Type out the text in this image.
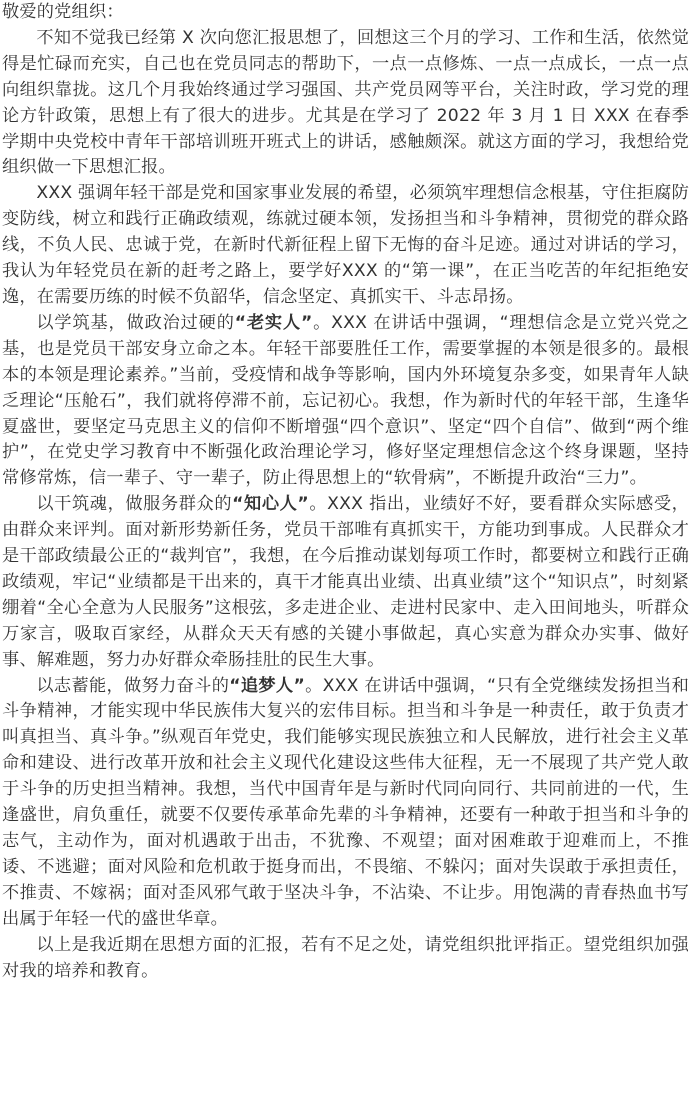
敬爱的党组织：

不知不觉我已经第 X 次向您汇报思想了，回想这三个月的学习、工作和生活，依然觉得是忙碌而充实，自己也在党员同志的帮助下，一点一点修炼、一点一点成长，一点一点向组织靠拢。这几个月我始终通过学习强国、共产党员网等平台，关注时政，学习党的理论方针政策，思想上有了很大的进步。尤其是在学习了 2022 年 3 月 1 日 XXX 在春季学期中央党校中青年干部培训班开班式上的讲话，感触颇深。就这方面的学习，我想给党组织做一下思想汇报。

XXX 强调年轻干部是党和国家事业发展的希望，必须筑牢理想信念根基，守住拒腐防变防线，树立和践行正确政绩观，练就过硬本领，发扬担当和斗争精神，贯彻党的群众路线，不负人民、忠诚于党，在新时代新征程上留下无悔的奋斗足迹。通过对讲话的学习，我认为年轻党员在新的赶考之路上，要学好XXX 的“第一课”，在正当吃苦的年纪拒绝安逸，在需要历练的时候不负韶华，信念坚定、真抓实干、斗志昂扬。

以学筑基，做政治过硬的“老实人”。XXX 在讲话中强调，“理想信念是立党兴党之基，也是党员干部安身立命之本。年轻干部要胜任工作，需要掌握的本领是很多的。最根本的本领是理论素养。”当前，受疫情和战争等影响，国内外环境复杂多变，如果青年人缺乏理论“压舱石”，我们就将停滞不前，忘记初心。我想，作为新时代的年轻干部，生逢华夏盛世，要坚定马克思主义的信仰不断增强“四个意识”、坚定“四个自信”、做到“两个维护”，在党史学习教育中不断强化政治理论学习，修好坚定理想信念这个终身课题，坚持常修常炼，信一辈子、守一辈子，防止得思想上的“软骨病”，不断提升政治“三力”。

以干筑魂，做服务群众的“知心人”。XXX 指出，业绩好不好，要看群众实际感受，由群众来评判。面对新形势新任务，党员干部唯有真抓实干，方能功到事成。人民群众才是干部政绩最公正的“裁判官”，我想，在今后推动谋划每项工作时，都要树立和践行正确政绩观，牢记“业绩都是干出来的，真干才能真出业绩、出真业绩”这个“知识点”，时刻紧绷着“全心全意为人民服务”这根弦，多走进企业、走进村民家中、走入田间地头，听群众万家言，吸取百家经，从群众天天有感的关键小事做起，真心实意为群众办实事、做好事、解难题，努力办好群众牵肠挂肚的民生大事。

以志蓄能，做努力奋斗的“追梦人”。XXX 在讲话中强调，“只有全党继续发扬担当和斗争精神，才能实现中华民族伟大复兴的宏伟目标。担当和斗争是一种责任，敢于负责才叫真担当、真斗争。”纵观百年党史，我们能够实现民族独立和人民解放，进行社会主义革命和建设、进行改革开放和社会主义现代化建设这些伟大征程，无一不展现了共产党人敢于斗争的历史担当精神。我想，当代中国青年是与新时代同向同行、共同前进的一代，生逢盛世，肩负重任，就要不仅要传承革命先辈的斗争精神，还要有一种敢于担当和斗争的志气，主动作为，面对机遇敢于出击，不犹豫、不观望；面对困难敢于迎难而上，不推诿、不逃避；面对风险和危机敢于挺身而出，不畏缩、不躲闪；面对失误敢于承担责任，不推责、不嫁祸；面对歪风邪气敢于坚决斗争，不沾染、不让步。用饱满的青春热血书写出属于年轻一代的盛世华章。

以上是我近期在思想方面的汇报，若有不足之处，请党组织批评指正。望党组织加强对我的培养和教育。
